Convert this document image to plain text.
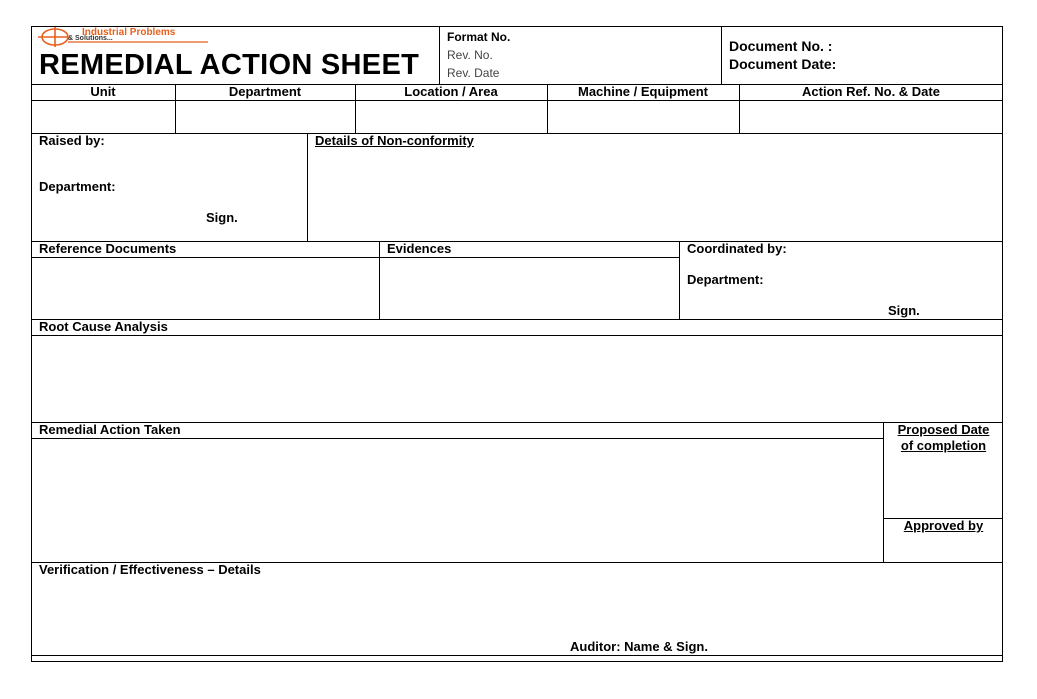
Industrial Problems
& Solutions...
REMEDIAL ACTION SHEET
Format No.
Rev. No.
Rev. Date
Document No. :
Document Date:
Unit	Department	Location / Area	Machine / Equipment	Action Ref. No. & Date
Raised by:
Department:
Sign.
Details of Non-conformity
Reference Documents	Evidences	Coordinated by:
Department:
Sign.
Root Cause Analysis
Remedial Action Taken	Proposed Date
of completion
Approved by
Verification / Effectiveness – Details
Auditor: Name & Sign.
